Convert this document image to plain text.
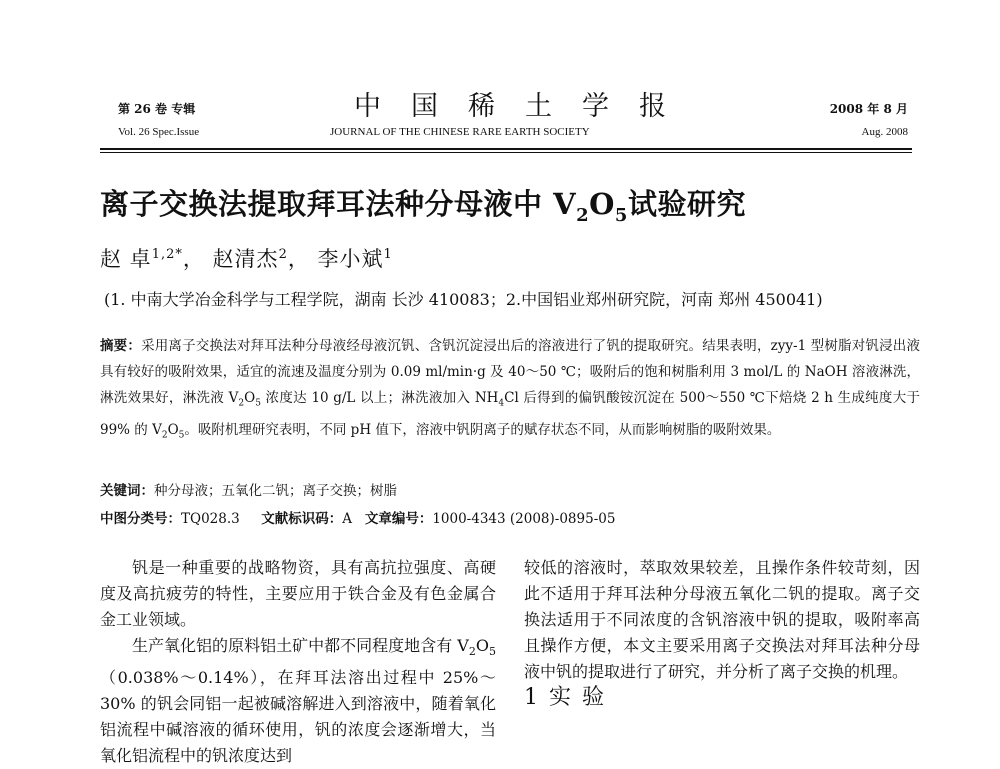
第 26 卷 专辑
Vol. 26 Spec.Issue
中国稀土学报
JOURNAL OF THE CHINESE RARE EARTH SOCIETY
2008 年 8 月
Aug. 2008
离子交换法提取拜耳法种分母液中 $V_2O_5$试验研究
赵 卓$^{1,2*}$， 赵清杰$^2$， 李小斌$^1$
(1. 中南大学冶金科学与工程学院，湖南 长沙 410083；2.中国铝业郑州研究院，河南 郑州 450041)
摘要：采用离子交换法对拜耳法种分母液经母液沉钒、含钒沉淀浸出后的溶液进行了钒的提取研究。结果表明，zyy-1 型树脂对钒浸出液具有较好的吸附效果，适宜的流速及温度分别为 0.09 ml/min·g 及 40～50 ℃；吸附后的饱和树脂利用 3 mol/L 的 NaOH 溶液淋洗，淋洗效果好，淋洗液 $V_2O_5$ 浓度达 10 g/L 以上；淋洗液加入 $NH_4Cl$ 后得到的偏钒酸铵沉淀在 500～550 ℃下焙烧 2 h 生成纯度大于 99% 的 $V_2O_5$。吸附机理研究表明，不同 pH 值下，溶液中钒阴离子的赋存状态不同，从而影响树脂的吸附效果。
关键词：种分母液；五氧化二钒；离子交换；树脂
中图分类号：TQ028.3 文献标识码：A 文章编号：1000-4343 (2008)-0895-05

钒是一种重要的战略物资，具有高抗拉强度、高硬度及高抗疲劳的特性，主要应用于铁合金及有色金属合金工业领域。

生产氧化铝的原料铝土矿中都不同程度地含有 $V_2O_5(0.038\%\sim 0.14\%)$，在拜耳法溶出过程中 25%～30% 的钒会同铝一起被碱溶解进入到溶液中，随着氧化铝流程中碱溶液的循环使用，钒的浓度会逐渐增大，当氧化铝流程中的钒浓度达到

较低的溶液时，萃取效果较差，且操作条件较苛刻，因此不适用于拜耳法种分母液五氧化二钒的提取。离子交换法适用于不同浓度的含钒溶液中钒的提取，吸附率高且操作方便，本文主要采用离子交换法对拜耳法种分母液中钒的提取进行了研究，并分析了离子交换的机理。

1 实 验
